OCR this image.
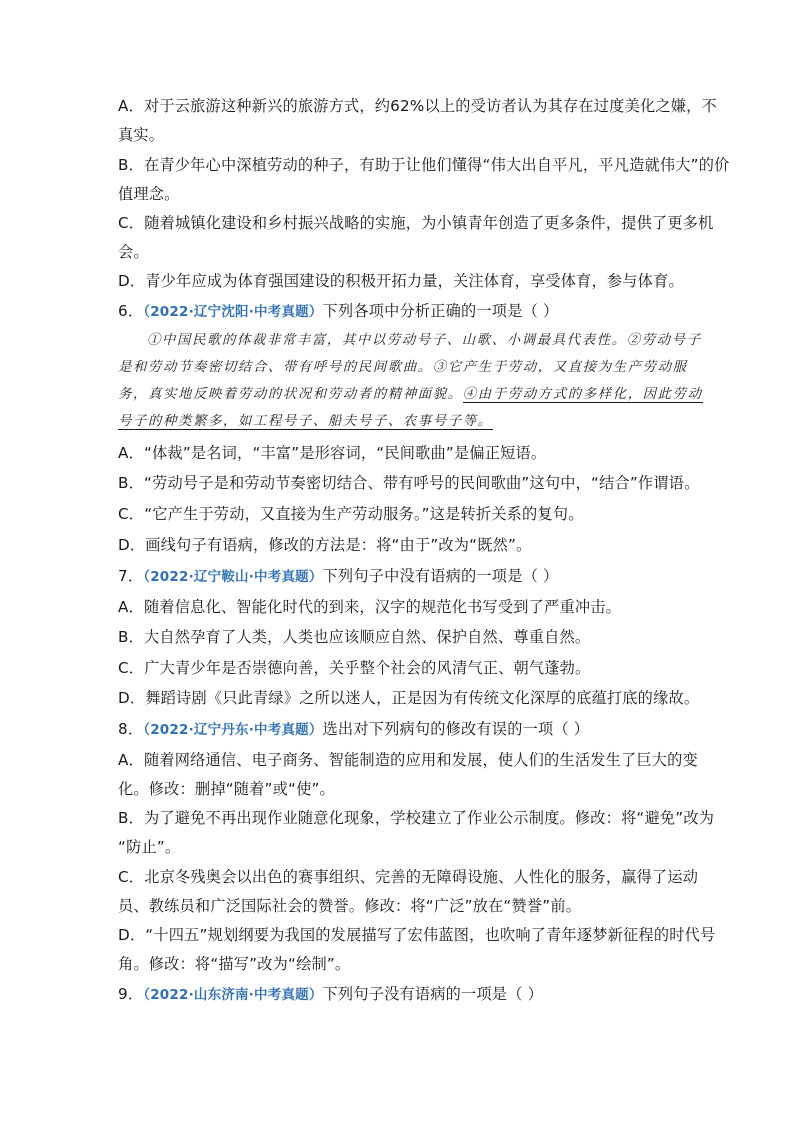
A．对于云旅游这种新兴的旅游方式，约62%以上的受访者认为其存在过度美化之嫌，不
真实。
B．在青少年心中深植劳动的种子，有助于让他们懂得“伟大出自平凡，平凡造就伟大”的价
值理念。
C．随着城镇化建设和乡村振兴战略的实施，为小镇青年创造了更多条件，提供了更多机
会。
D．青少年应成为体育强国建设的积极开拓力量，关注体育，享受体育，参与体育。
6．（2022·辽宁沈阳·中考真题）下列各项中分析正确的一项是（ ）
①中国民歌的体裁非常丰富，其中以劳动号子、山歌、小调最具代表性。②劳动号子
是和劳动节奏密切结合、带有呼号的民间歌曲。③它产生于劳动，又直接为生产劳动服
务，真实地反映着劳动的状况和劳动者的精神面貌。④由于劳动方式的多样化，因此劳动
号子的种类繁多，如工程号子、船夫号子、农事号子等。
A．“体裁”是名词，“丰富”是形容词，“民间歌曲”是偏正短语。
B．“劳动号子是和劳动节奏密切结合、带有呼号的民间歌曲”这句中，“结合”作谓语。
C．“它产生于劳动，又直接为生产劳动服务。”这是转折关系的复句。
D．画线句子有语病，修改的方法是：将“由于”改为“既然”。
7．（2022·辽宁鞍山·中考真题）下列句子中没有语病的一项是（ ）
A．随着信息化、智能化时代的到来，汉字的规范化书写受到了严重冲击。
B．大自然孕育了人类，人类也应该顺应自然、保护自然、尊重自然。
C．广大青少年是否崇德向善，关乎整个社会的风清气正、朝气蓬勃。
D．舞蹈诗剧《只此青绿》之所以迷人，正是因为有传统文化深厚的底蕴打底的缘故。
8．（2022·辽宁丹东·中考真题）选出对下列病句的修改有误的一项（ ）
A．随着网络通信、电子商务、智能制造的应用和发展，使人们的生活发生了巨大的变
化。修改：删掉“随着”或“使”。
B．为了避免不再出现作业随意化现象，学校建立了作业公示制度。修改：将“避免”改为
“防止”。
C．北京冬残奥会以出色的赛事组织、完善的无障碍设施、人性化的服务，赢得了运动
员、教练员和广泛国际社会的赞誉。修改：将“广泛”放在“赞誉”前。
D．“十四五”规划纲要为我国的发展描写了宏伟蓝图，也吹响了青年逐梦新征程的时代号
角。修改：将“描写”改为“绘制”。
9．（2022·山东济南·中考真题）下列句子没有语病的一项是（ ）
